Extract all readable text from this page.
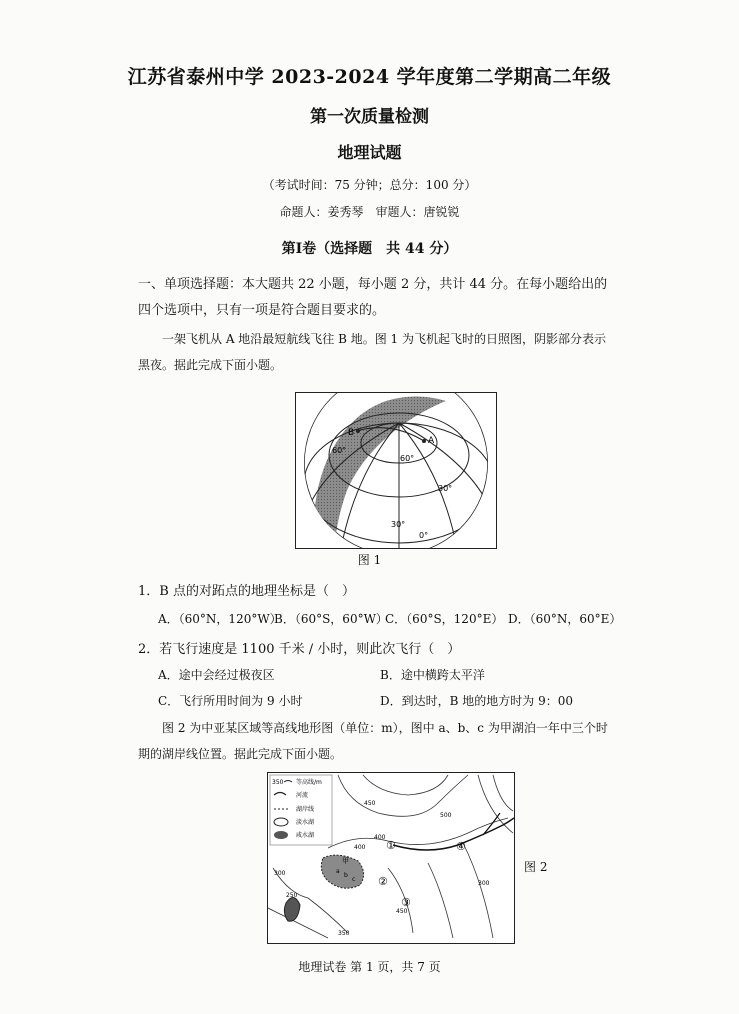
江苏省泰州中学 2023-2024 学年度第二学期高二年级
第一次质量检测
地理试题
（考试时间：75 分钟；总分：100 分）
命题人：姜秀琴　审题人：唐锐锐
第Ⅰ卷（选择题　共 44 分）
一、单项选择题：本大题共 22 小题，每小题 2 分，共计 44 分。在每小题给出的四个选项中，只有一项是符合题目要求的。
一架飞机从 A 地沿最短航线飞往 B 地。图 1 为飞机起飞时的日照图，阴影部分表示黑夜。据此完成下面小题。
A
B
60°
30°
0°
30°
60°
图 1
1．B 点的对跖点的地理坐标是（　）
A．（60°N，120°W）
B．（60°S，60°W）
C．（60°S，120°E） D．（60°N，60°E）
2．若飞行速度是 1100 千米 / 小时，则此次飞行（　）
A．途中会经过极夜区	B．途中横跨太平洋
C．飞行所用时间为 9 小时	D．到达时，B 地的地方时为 9：00
图 2 为中亚某区域等高线地形图（单位：m），图中 a、b、c 为甲湖泊一年中三个时期的湖岸线位置。据此完成下面小题。
350 等高线/m
河流
湖岸线
淡水湖
咸水湖
甲
a
b
c
450
500
400
400
300
250
350
450
300
①
②
③
④
图 2
地理试卷 第 1 页，共 7 页
